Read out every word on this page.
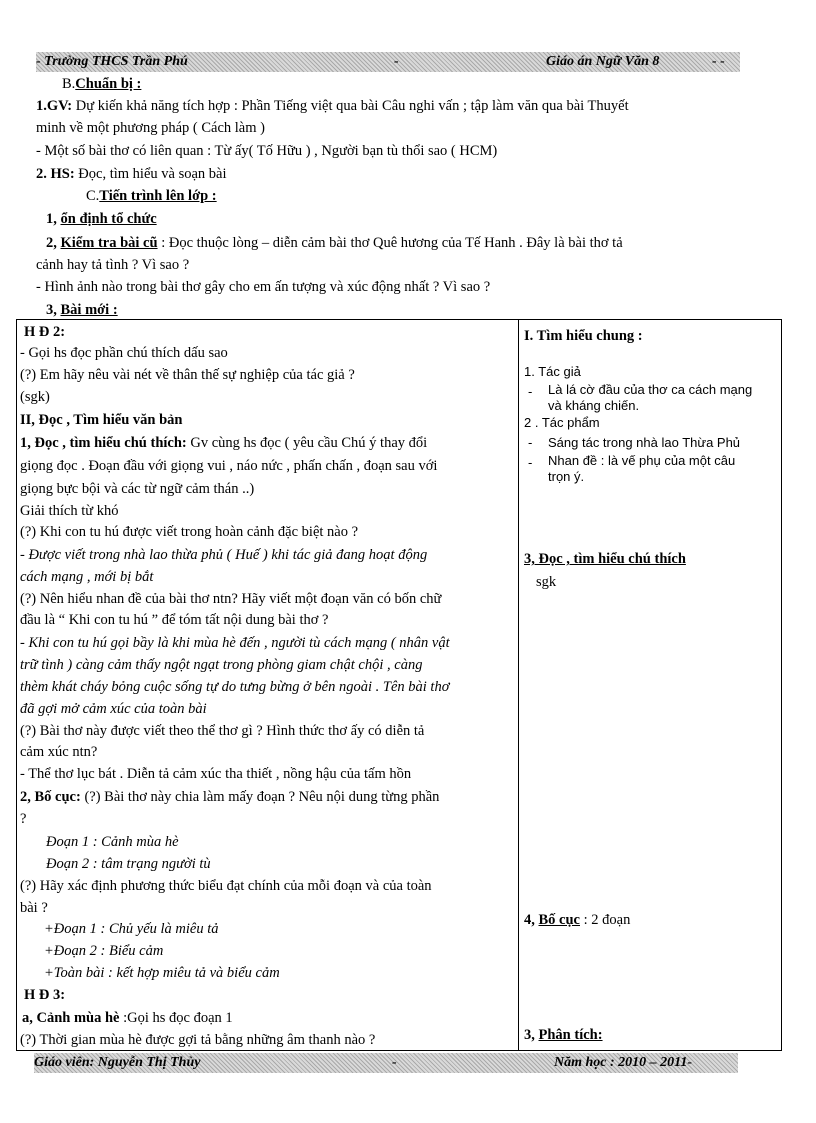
- Trường THCS Trần Phú	-	Giáo án Ngữ Văn 8	- -
B.Chuẩn bị :
1.GV: Dự kiến khả năng tích hợp : Phần Tiếng việt qua bài Câu nghi vấn ; tập làm văn qua bài Thuyết
minh về một phương pháp ( Cách làm )
- Một số bài thơ có liên quan : Từ ấy( Tố Hữu ) , Người bạn tù thổi sao ( HCM)
2. HS: Đọc, tìm hiểu và soạn bài
C.Tiến trình lên lớp :
1, ổn định tổ chức
2, Kiểm tra bài cũ : Đọc thuộc lòng – diễn cảm bài thơ Quê hương của Tế Hanh . Đây là bài thơ tả
cảnh hay tả tình ? Vì sao ?
- Hình ảnh nào trong bài thơ gây cho em ấn tượng và xúc động nhất ? Vì sao ?
3, Bài mới :
H Đ 2:
- Gọi hs đọc phần chú thích dấu sao
(?) Em hãy nêu vài nét về thân thế sự nghiệp của tác giả ?
(sgk)
II, Đọc , Tìm hiểu văn bản
1, Đọc , tìm hiểu chú thích: Gv cùng hs đọc ( yêu cầu Chú ý thay đổi
giọng đọc . Đoạn đầu với giọng vui , náo nức , phấn chấn , đoạn sau với
giọng bực bội và các từ ngữ cảm thán ..)
Giải thích từ khó
(?) Khi con tu hú được viết trong hoàn cảnh đặc biệt nào ?
- Được viết trong nhà lao thừa phủ ( Huế ) khi tác giả đang hoạt động
cách mạng , mới bị bắt
(?) Nên hiểu nhan đề của bài thơ ntn? Hãy viết một đoạn văn có bốn chữ
đầu là “ Khi con tu hú ” để tóm tất nội dung bài thơ ?
- Khi con tu hú gọi bầy là khi mùa hè đến , người tù cách mạng ( nhân vật
trữ tình ) càng cảm thấy ngột ngạt trong phòng giam chật chội , càng
thèm khát cháy bỏng cuộc sống tự do tưng bừng ở bên ngoài . Tên bài thơ
đã gợi mở cảm xúc của toàn bài
(?) Bài thơ này được viết theo thể thơ gì ? Hình thức thơ ấy có diễn tả
cảm xúc ntn?
- Thể thơ lục bát . Diễn tả cảm xúc tha thiết , nồng hậu của tấm hồn
2, Bố cục: (?) Bài thơ này chia làm mấy đoạn ? Nêu nội dung từng phần
?
Đoạn 1 : Cảnh mùa hè
Đoạn 2 : tâm trạng người tù
(?) Hãy xác định phương thức biểu đạt chính của mỗi đoạn và của toàn
bài ?
+Đoạn 1 : Chủ yếu là miêu tả
+Đoạn 2 : Biểu cảm
+Toàn bài : kết hợp miêu tả và biểu cảm
H Đ 3:
a, Cảnh mùa hè :Gọi hs đọc đoạn 1
(?) Thời gian mùa hè được gợi tả bằng những âm thanh nào ?
I. Tìm hiểu chung :
1. Tác giả
- Là lá cờ đầu của thơ ca cách mạng
và kháng chiến.
2 . Tác phẩm
- Sáng tác trong nhà lao Thừa Phủ
- Nhan đề : là vế phụ của một câu
trọn ý.
3, Đọc , tìm hiểu chú thích
sgk
4, Bố cục : 2 đoạn
3, Phân tích:
Giáo viên: Nguyễn Thị Thùy	-	Năm học : 2010 – 2011-
